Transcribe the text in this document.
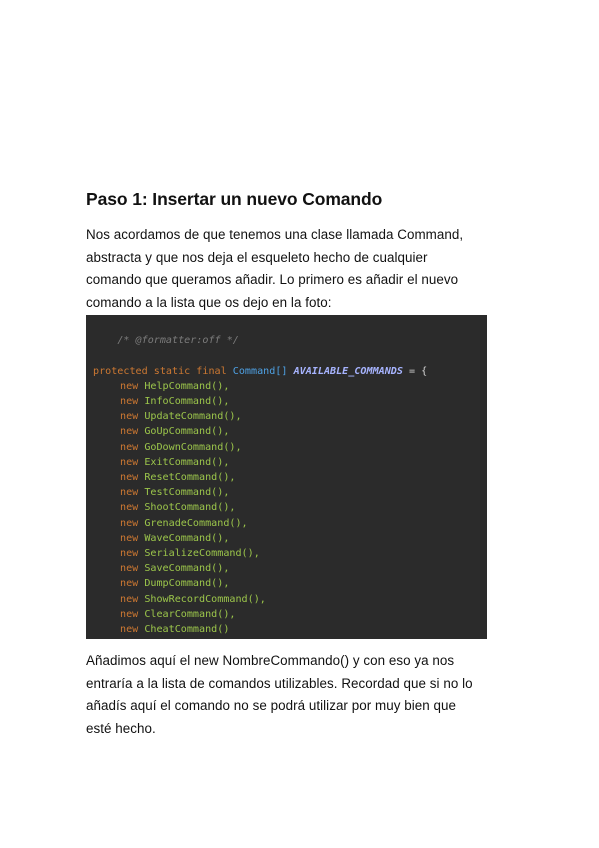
Paso 1: Insertar un nuevo Comando
Nos acordamos de que tenemos una clase llamada Command,
abstracta y que nos deja el esqueleto hecho de cualquier
comando que queramos añadir. Lo primero es añadir el nuevo
comando a la lista que os dejo en la foto:

/* @formatter:off */

protected static final Command[] AVAILABLE_COMMANDS = {
new HelpCommand(),
new InfoCommand(),
new UpdateCommand(),
new GoUpCommand(),
new GoDownCommand(),
new ExitCommand(),
new ResetCommand(),
new TestCommand(),
new ShootCommand(),
new GrenadeCommand(),
new WaveCommand(),
new SerializeCommand(),
new SaveCommand(),
new DumpCommand(),
new ShowRecordCommand(),
new ClearCommand(),
new CheatCommand()

Añadimos aquí el new NombreCommando() y con eso ya nos
entraría a la lista de comandos utilizables. Recordad que si no lo
añadís aquí el comando no se podrá utilizar por muy bien que
esté hecho.
